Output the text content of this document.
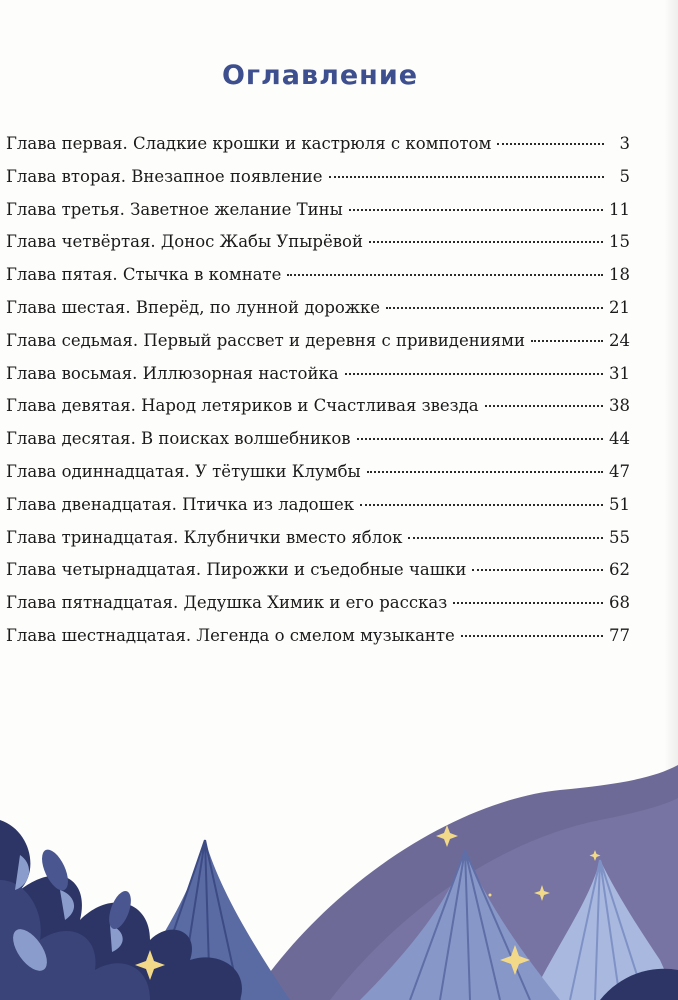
Оглавление
Глава первая. Сладкие крошки и кастрюля с компотом	3
Глава вторая. Внезапное появление	5
Глава третья. Заветное желание Тины	11
Глава четвёртая. Донос Жабы Упырёвой	15
Глава пятая. Стычка в комнате	18
Глава шестая. Вперёд, по лунной дорожке	21
Глава седьмая. Первый рассвет и деревня с привидениями	24
Глава восьмая. Иллюзорная настойка	31
Глава девятая. Народ летяриков и Счастливая звезда	38
Глава десятая. В поисках волшебников	44
Глава одиннадцатая. У тётушки Клумбы	47
Глава двенадцатая. Птичка из ладошек	51
Глава тринадцатая. Клубнички вместо яблок	55
Глава четырнадцатая. Пирожки и съедобные чашки	62
Глава пятнадцатая. Дедушка Химик и его рассказ	68
Глава шестнадцатая. Легенда о смелом музыканте	77
